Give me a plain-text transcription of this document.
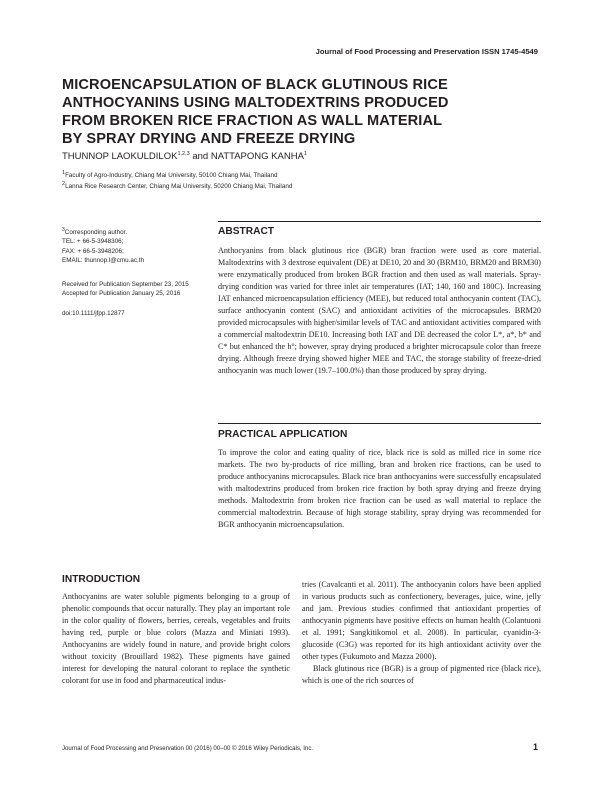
Journal of Food Processing and Preservation ISSN 1745-4549
MICROENCAPSULATION OF BLACK GLUTINOUS RICE
ANTHOCYANINS USING MALTODEXTRINS PRODUCED
FROM BROKEN RICE FRACTION AS WALL MATERIAL
BY SPRAY DRYING AND FREEZE DRYING
THUNNOP LAOKULDILOK$^{1,2,3}$ and NATTAPONG KANHA$^1$
$^1$Faculty of Agro-Industry, Chiang Mai University, 50100 Chiang Mai, Thailand
$^2$Lanna Rice Research Center, Chiang Mai University, 50200 Chiang Mai, Thailand
$^3$Corresponding author.
TEL: + 66-5-3948306;
FAX: + 66-5-3948206;
EMAIL: thunnop.l@cmu.ac.th
Received for Publication September 23, 2015
Accepted for Publication January 25, 2016
doi:10.1111/jfpp.12877
ABSTRACT
Anthocyanins from black glutinous rice (BGR) bran fraction were used as core material. Maltodextrins with 3 dextrose equivalent (DE) at DE10, 20 and 30 (BRM10, BRM20 and BRM30) were enzymatically produced from broken BGR fraction and then used as wall materials. Spray-drying condition was varied for three inlet air temperatures (IAT; 140, 160 and 180C). Increasing IAT enhanced microencapsulation efficiency (MEE), but reduced total anthocyanin content (TAC), surface anthocyanin content (SAC) and antioxidant activities of the microcapsules. BRM20 provided microcapsules with higher/similar levels of TAC and antioxidant activities compared with a commercial maltodextrin DE10. Increasing both IAT and DE decreased the color L*, a*, b* and C* but enhanced the h°; however, spray drying produced a brighter microcapsule color than freeze drying. Although freeze drying showed higher MEE and TAC, the storage stability of freeze-dried anthocyanin was much lower (19.7–100.0%) than those produced by spray drying.
PRACTICAL APPLICATION
To improve the color and eating quality of rice, black rice is sold as milled rice in some rice markets. The two by-products of rice milling, bran and broken rice fractions, can be used to produce anthocyanins microcapsules. Black rice bran anthocyanins were successfully encapsulated with maltodextrins produced from broken rice fraction by both spray drying and freeze drying methods. Maltodextrin from broken rice fraction can be used as wall material to replace the commercial maltodextrin. Because of high storage stability, spray drying was recommended for BGR anthocyanin microencapsulation.
INTRODUCTION
Anthocyanins are water soluble pigments belonging to a group of phenolic compounds that occur naturally. They play an important role in the color quality of flowers, berries, cereals, vegetables and fruits having red, purple or blue colors (Mazza and Miniati 1993). Anthocyanins are widely found in nature, and provide bright colors without toxicity (Brouillard 1982). These pigments have gained interest for developing the natural colorant to replace the synthetic colorant for use in food and pharmaceutical indus-

tries (Cavalcanti et al. 2011). The anthocyanin colors have been applied in various products such as confectionery, beverages, juice, wine, jelly and jam. Previous studies confirmed that antioxidant properties of anthocyanin pigments have positive effects on human health (Colantuoni et al. 1991; Sangkitikomol et al. 2008). In particular, cyanidin-3-glucoside (C3G) was reported for its high antioxidant activity over the other types (Fukumoto and Mazza 2000).

Black glutinous rice (BGR) is a group of pigmented rice (black rice), which is one of the rich sources of

Journal of Food Processing and Preservation 00 (2016) 00–00 © 2016 Wiley Periodicals, Inc.	1
